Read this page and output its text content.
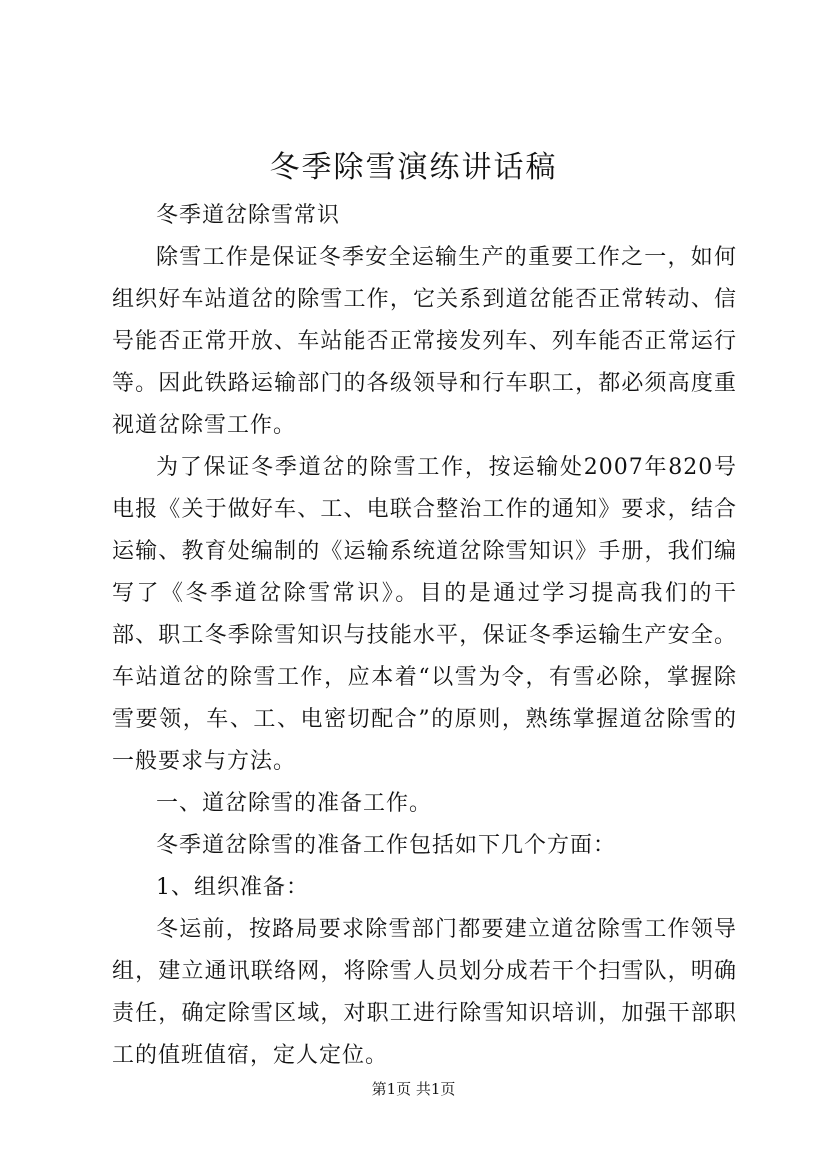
冬季除雪演练讲话稿

冬季道岔除雪常识

除雪工作是保证冬季安全运输生产的重要工作之一，如何组织好车站道岔的除雪工作，它关系到道岔能否正常转动、信号能否正常开放、车站能否正常接发列车、列车能否正常运行等。因此铁路运输部门的各级领导和行车职工，都必须高度重视道岔除雪工作。

为了保证冬季道岔的除雪工作，按运输处2007年820号电报《关于做好车、工、电联合整治工作的通知》要求，结合运输、教育处编制的《运输系统道岔除雪知识》手册，我们编写了《冬季道岔除雪常识》。目的是通过学习提高我们的干部、职工冬季除雪知识与技能水平，保证冬季运输生产安全。车站道岔的除雪工作，应本着“以雪为令，有雪必除，掌握除雪要领，车、工、电密切配合”的原则，熟练掌握道岔除雪的一般要求与方法。

一、道岔除雪的准备工作。

冬季道岔除雪的准备工作包括如下几个方面：

1、组织准备：

冬运前，按路局要求除雪部门都要建立道岔除雪工作领导组，建立通讯联络网，将除雪人员划分成若干个扫雪队，明确责任，确定除雪区域，对职工进行除雪知识培训，加强干部职工的值班值宿，定人定位。

第1页 共1页
